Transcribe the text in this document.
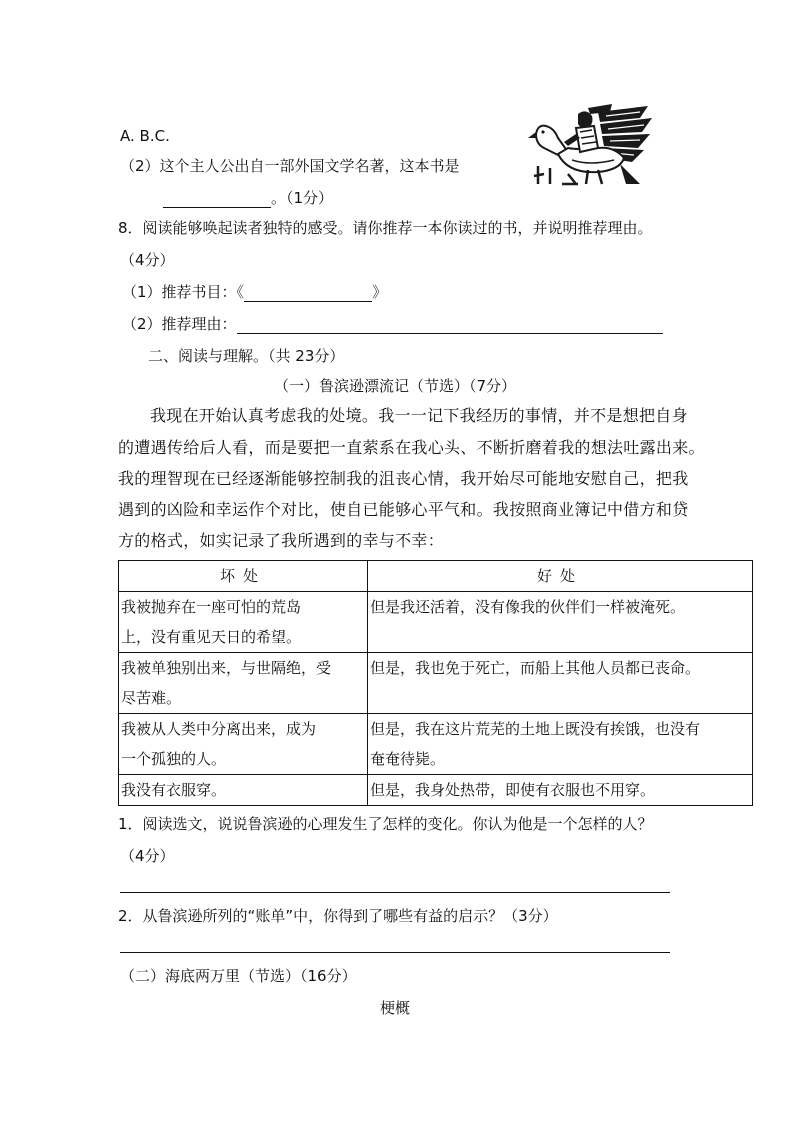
A. B.C.
（2）这个主人公出自一部外国文学名著，这本书是
。（1分）
8．阅读能够唤起读者独特的感受。请你推荐一本你读过的书，并说明推荐理由。
（4分）
（1）推荐书目：《	》
（2）推荐理由：
二、阅读与理解。（共 23分）
（一）鲁滨逊漂流记（节选）（7分）
我现在开始认真考虑我的处境。我一一记下我经历的事情，并不是想把自身
的遭遇传给后人看，而是要把一直萦系在我心头、不断折磨着我的想法吐露出来。
我的理智现在已经逐渐能够控制我的沮丧心情，我开始尽可能地安慰自己，把我
遇到的凶险和幸运作个对比，使自已能够心平气和。我按照商业簿记中借方和贷
方的格式，如实记录了我所遇到的幸与不幸：
坏处	好处

我被抛弃在一座可怕的荒岛
上，没有重见天日的希望。	但是我还活着，没有像我的伙伴们一样被淹死。

我被单独别出来，与世隔绝，受
尽苦难。	但是，我也免于死亡，而船上其他人员都已丧命。

我被从人类中分离出来，成为
一个孤独的人。	但是，我在这片荒芜的土地上既没有挨饿，也没有
奄奄待毙。

我没有衣服穿。	但是，我身处热带，即使有衣服也不用穿。
1．阅读选文，说说鲁滨逊的心理发生了怎样的变化。你认为他是一个怎样的人？
（4分）
2．从鲁滨逊所列的“账单”中，你得到了哪些有益的启示？（3分）
（二）海底两万里（节选）（16分）
梗概
